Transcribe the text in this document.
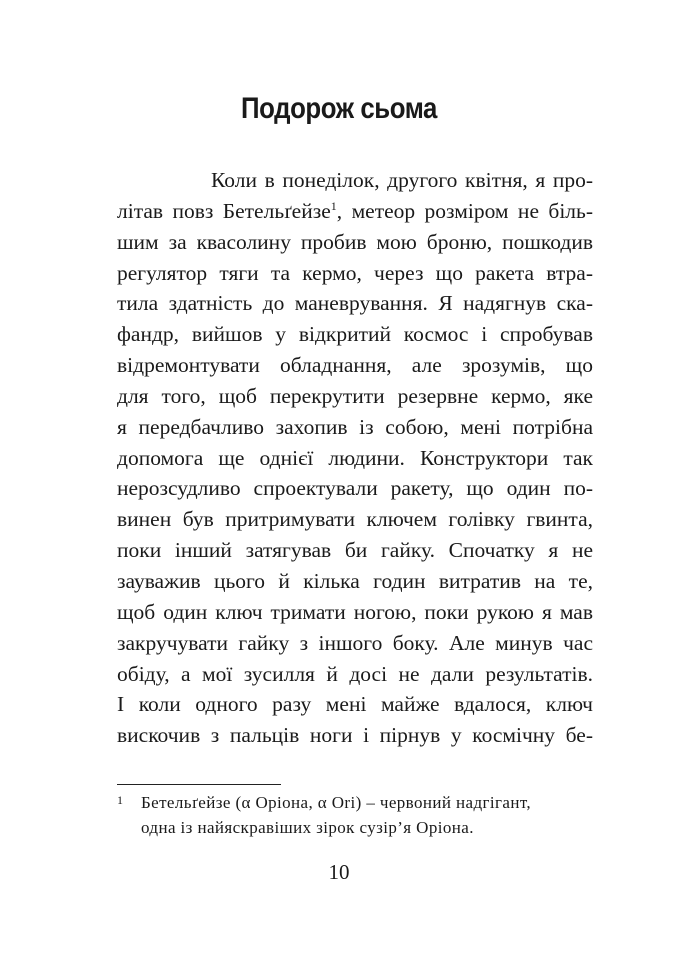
Подорож сьома
Коли в понеділок, другого квітня, я про-
літав повз Бетельґейзе$^1$, метеор розміром не біль-
шим за квасолину пробив мою броню, пошкодив
регулятор тяги та кермо, через що ракета втра-
тила здатність до маневрування. Я надягнув ска-
фандр, вийшов у відкритий космос і спробував
відремонтувати обладнання, але зрозумів, що
для того, щоб перекрутити резервне кермо, яке
я передбачливо захопив із собою, мені потрібна
допомога ще однієї людини. Конструктори так
нерозсудливо спроектували ракету, що один по-
винен був притримувати ключем голівку гвинта,
поки інший затягував би гайку. Спочатку я не
зауважив цього й кілька годин витратив на те,
щоб один ключ тримати ногою, поки рукою я мав
закручувати гайку з іншого боку. Але минув час
обіду, а мої зусилля й досі не дали результатів.
І коли одного разу мені майже вдалося, ключ
вискочив з пальців ноги і пірнув у космічну бе-
1 Бетельґейзе (α Оріона, α Ori) – червоний надгігант,
одна із найяскравіших зірок сузір’я Оріона.
10
